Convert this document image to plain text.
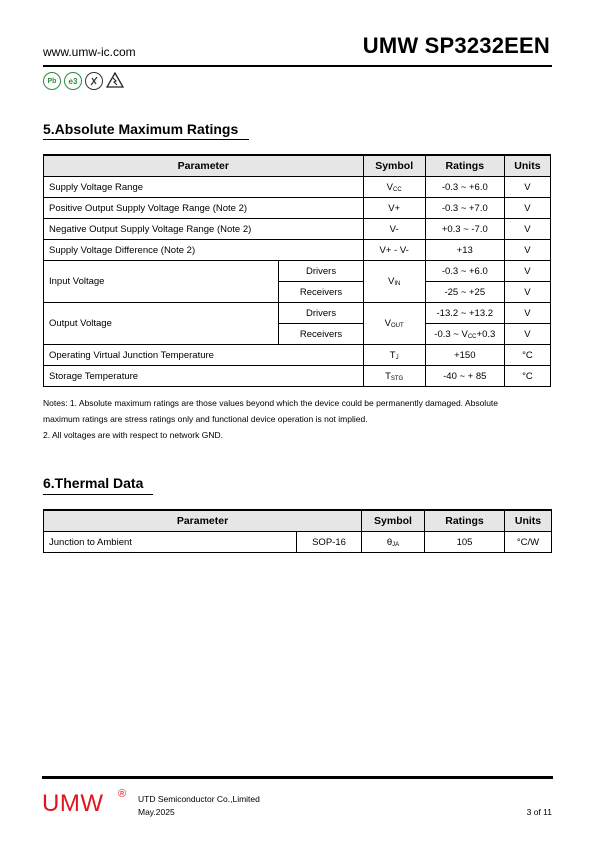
www.umw-ic.com	UMW SP3232EEN
Pb e3
5.Absolute Maximum Ratings
Parameter		Symbol	Ratings	Units
Supply Voltage Range		VCC	-0.3 ~ +6.0	V
Positive Output Supply Voltage Range (Note 2)		V+	-0.3 ~ +7.0	V
Negative Output Supply Voltage Range (Note 2)		V-	+0.3 ~ -7.0	V
Supply Voltage Difference (Note 2)		V+ - V-	+13	V
Input Voltage	Drivers	VIN	-0.3 ~ +6.0	V
	Receivers		-25 ~ +25	V
Output Voltage	Drivers	VOUT	-13.2 ~ +13.2	V
	Receivers		-0.3 ~ VCC+0.3	V
Operating Virtual Junction Temperature		TJ	+150	°C
Storage Temperature		TSTG	-40 ~ + 85	°C
Notes: 1. Absolute maximum ratings are those values beyond which the device could be permanently damaged. Absolute
maximum ratings are stress ratings only and functional device operation is not implied.
2. All voltages are with respect to network GND.
6.Thermal Data
Parameter		Symbol	Ratings	Units
Junction to Ambient	SOP-16	θJA	105	°C/W
UMW ® UTD Semiconductor Co.,Limited
May.2025	3 of 11
